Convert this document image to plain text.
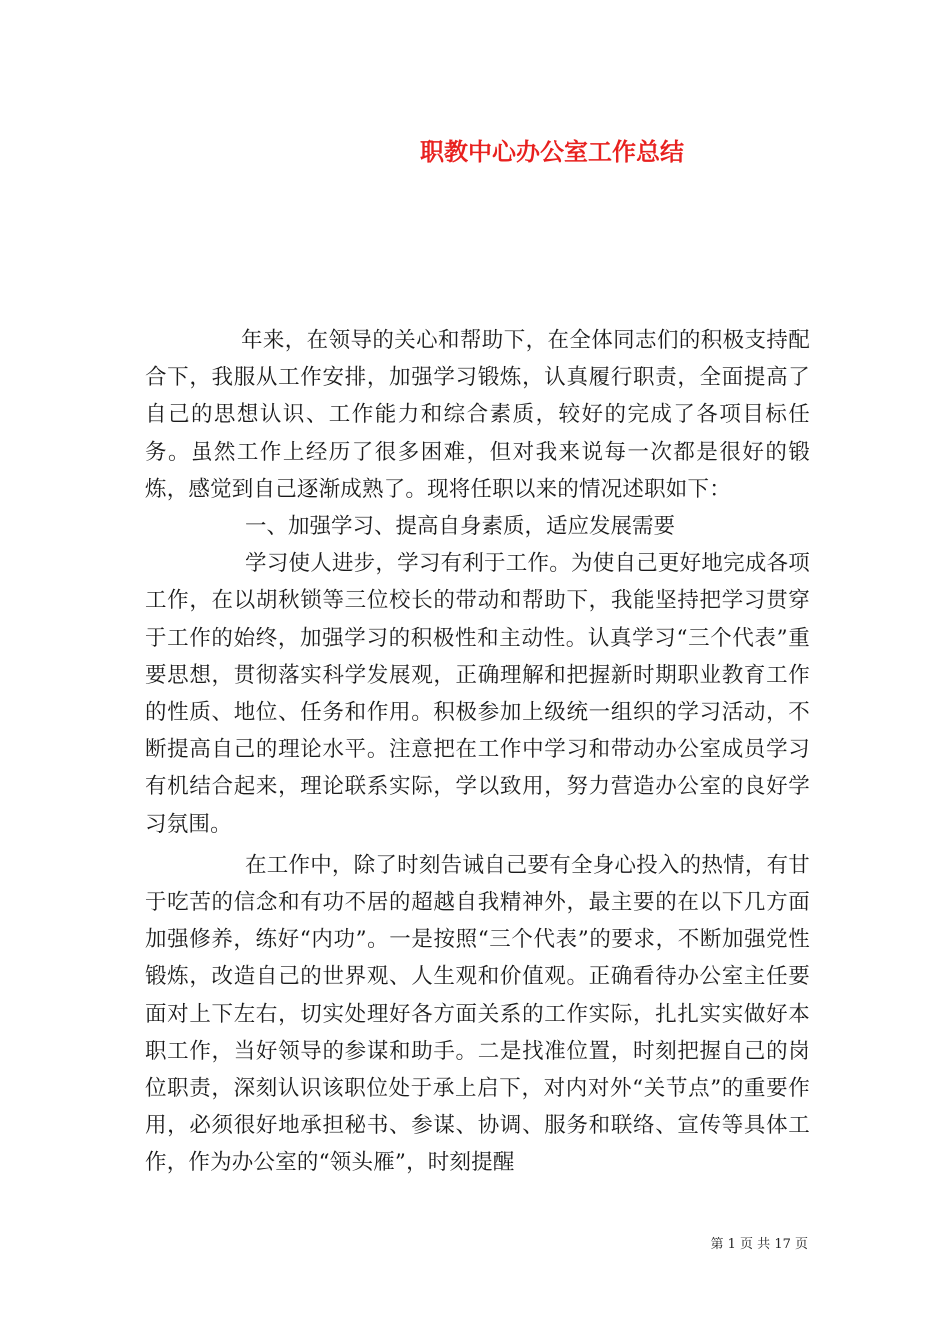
职教中心办公室工作总结

年来，在领导的关心和帮助下，在全体同志们的积极支持配合下，我服从工作安排，加强学习锻炼，认真履行职责，全面提高了自己的思想认识、工作能力和综合素质，较好的完成了各项目标任务。虽然工作上经历了很多困难，但对我来说每一次都是很好的锻炼，感觉到自己逐渐成熟了。现将任职以来的情况述职如下：

一、加强学习、提高自身素质，适应发展需要

学习使人进步，学习有利于工作。为使自己更好地完成各项工作，在以胡秋锁等三位校长的带动和帮助下，我能坚持把学习贯穿于工作的始终，加强学习的积极性和主动性。认真学习“三个代表”重要思想，贯彻落实科学发展观，正确理解和把握新时期职业教育工作的性质、地位、任务和作用。积极参加上级统一组织的学习活动，不断提高自己的理论水平。注意把在工作中学习和带动办公室成员学习有机结合起来，理论联系实际，学以致用，努力营造办公室的良好学习氛围。

在工作中，除了时刻告诫自己要有全身心投入的热情，有甘于吃苦的信念和有功不居的超越自我精神外，最主要的在以下几方面加强修养，练好“内功”。一是按照“三个代表”的要求，不断加强党性锻炼，改造自己的世界观、人生观和价值观。正确看待办公室主任要面对上下左右，切实处理好各方面关系的工作实际，扎扎实实做好本职工作，当好领导的参谋和助手。二是找准位置，时刻把握自己的岗位职责，深刻认识该职位处于承上启下，对内对外“关节点”的重要作用，必须很好地承担秘书、参谋、协调、服务和联络、宣传等具体工作，作为办公室的“领头雁”，时刻提醒

第 1 页 共 17 页
